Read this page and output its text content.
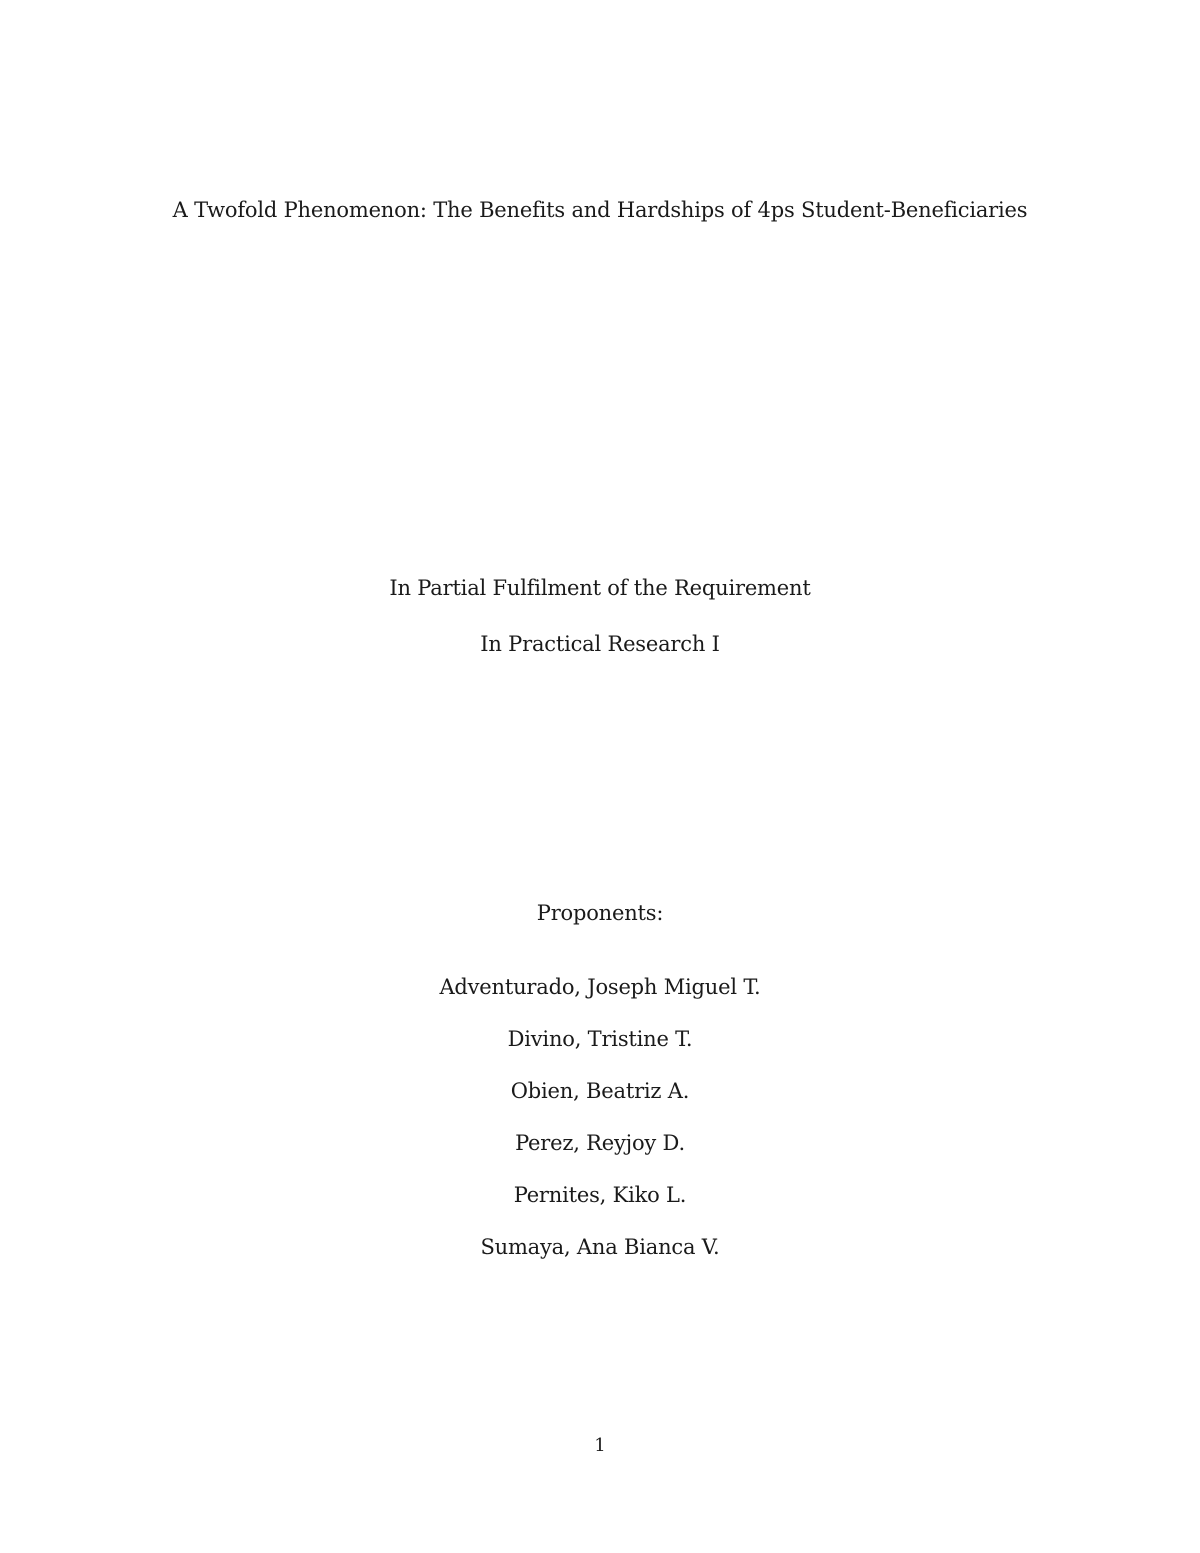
A Twofold Phenomenon: The Benefits and Hardships of 4ps Student-Beneficiaries
In Partial Fulfilment of the Requirement
In Practical Research I
Proponents:
Adventurado, Joseph Miguel T.
Divino, Tristine T.
Obien, Beatriz A.
Perez, Reyjoy D.
Pernites, Kiko L.
Sumaya, Ana Bianca V.
1
